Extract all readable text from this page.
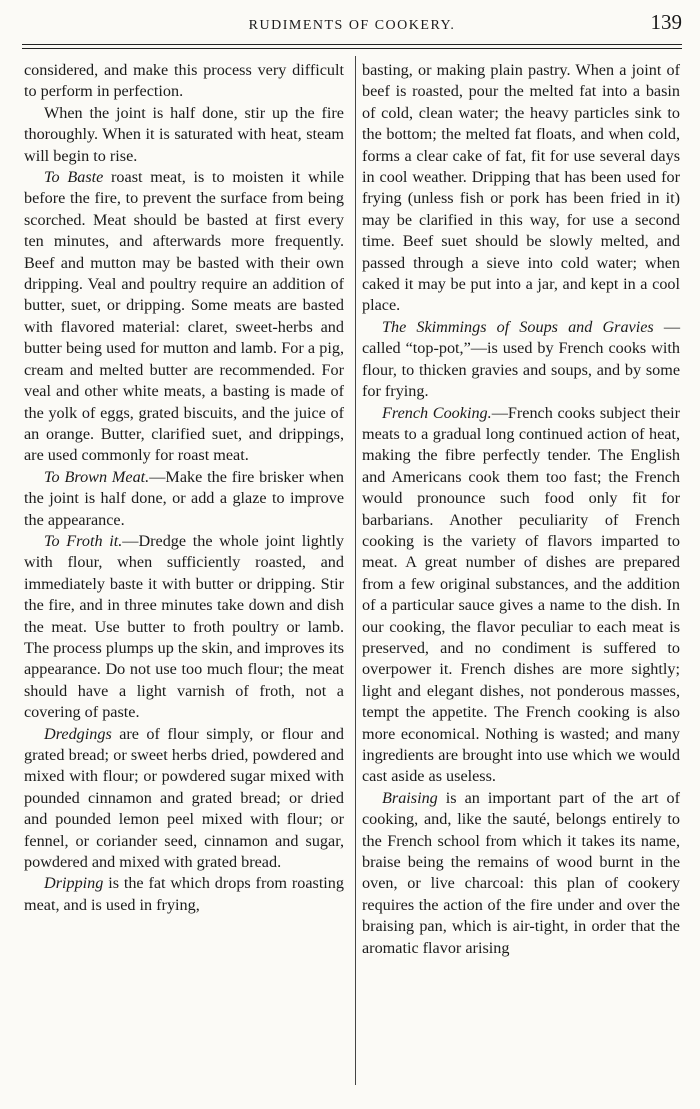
RUDIMENTS OF COOKERY.	139

considered, and make this process very difficult to perform in perfection.

When the joint is half done, stir up the fire thoroughly. When it is saturated with heat, steam will begin to rise.

To Baste roast meat, is to moisten it while before the fire, to prevent the surface from being scorched. Meat should be basted at first every ten minutes, and afterwards more frequently. Beef and mutton may be basted with their own dripping. Veal and poultry require an addition of butter, suet, or dripping. Some meats are basted with flavored material: claret, sweet-herbs and butter being used for mutton and lamb. For a pig, cream and melted butter are recommended. For veal and other white meats, a basting is made of the yolk of eggs, grated biscuits, and the juice of an orange. Butter, clarified suet, and drippings, are used commonly for roast meat.

To Brown Meat.—Make the fire brisker when the joint is half done, or add a glaze to improve the appearance.

To Froth it.—Dredge the whole joint lightly with flour, when sufficiently roasted, and immediately baste it with butter or dripping. Stir the fire, and in three minutes take down and dish the meat. Use butter to froth poultry or lamb. The process plumps up the skin, and improves its appearance. Do not use too much flour; the meat should have a light varnish of froth, not a covering of paste.

Dredgings are of flour simply, or flour and grated bread; or sweet herbs dried, powdered and mixed with flour; or powdered sugar mixed with pounded cinnamon and grated bread; or dried and pounded lemon peel mixed with flour; or fennel, or coriander seed, cinnamon and sugar, powdered and mixed with grated bread.

Dripping is the fat which drops from roasting meat, and is used in frying,

basting, or making plain pastry. When a joint of beef is roasted, pour the melted fat into a basin of cold, clean water; the heavy particles sink to the bottom; the melted fat floats, and when cold, forms a clear cake of fat, fit for use several days in cool weather. Dripping that has been used for frying (unless fish or pork has been fried in it) may be clarified in this way, for use a second time. Beef suet should be slowly melted, and passed through a sieve into cold water; when caked it may be put into a jar, and kept in a cool place.

The Skimmings of Soups and Gravies — called “top-pot,”—is used by French cooks with flour, to thicken gravies and soups, and by some for frying.

French Cooking.—French cooks subject their meats to a gradual long continued action of heat, making the fibre perfectly tender. The English and Americans cook them too fast; the French would pronounce such food only fit for barbarians. Another peculiarity of French cooking is the variety of flavors imparted to meat. A great number of dishes are prepared from a few original substances, and the addition of a particular sauce gives a name to the dish. In our cooking, the flavor peculiar to each meat is preserved, and no condiment is suffered to overpower it. French dishes are more sightly; light and elegant dishes, not ponderous masses, tempt the appetite. The French cooking is also more economical. Nothing is wasted; and many ingredients are brought into use which we would cast aside as useless.

Braising is an important part of the art of cooking, and, like the sauté, belongs entirely to the French school from which it takes its name, braise being the remains of wood burnt in the oven, or live charcoal: this plan of cookery requires the action of the fire under and over the braising pan, which is air-tight, in order that the aromatic flavor arising
